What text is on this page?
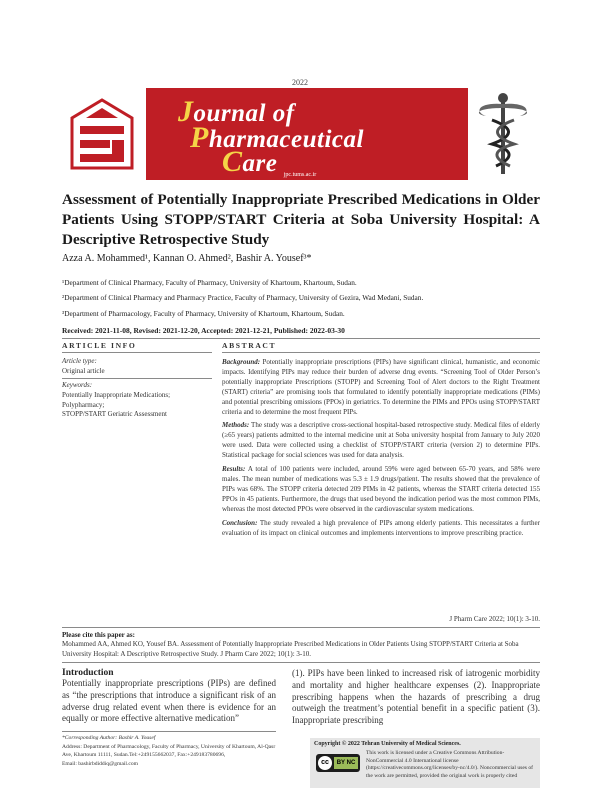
2022
Journal of
Pharmaceutical
Care	jpc.tums.ac.ir
Assessment of Potentially Inappropriate Prescribed Medications in Older Patients Using STOPP/START Criteria at Soba University Hospital: A Descriptive Retrospective Study
Azza A. Mohammed¹, Kannan O. Ahmed², Bashir A. Yousef³*
¹Department of Clinical Pharmacy, Faculty of Pharmacy, University of Khartoum, Khartoum, Sudan.
²Department of Clinical Pharmacy and Pharmacy Practice, Faculty of Pharmacy, University of Gezira, Wad Medani, Sudan.
³Department of Pharmacology, Faculty of Pharmacy, University of Khartoum, Khartoum, Sudan.
Received: 2021-11-08, Revised: 2021-12-20, Accepted: 2021-12-21, Published: 2022-03-30
ARTICLE INFO	ABSTRACT
Article type:
Original article
Keywords:
Potentially Inappropriate Medications;
Polypharmacy;
STOPP/START Geriatric Assessment

Background: Potentially inappropriate prescriptions (PIPs) have significant clinical, humanistic, and economic impacts. Identifying PIPs may reduce their burden of adverse drug events. “Screening Tool of Older Person’s potentially inappropriate Prescriptions (STOPP) and Screening Tool of Alert doctors to the Right Treatment (START) criteria” are promising tools that formulated to identify potentially inappropriate medications (PIMs) and potential prescribing omissions (PPOs) in geriatrics. To determine the PIMs and PPOs using STOPP/START criteria and to determine the most frequent PIPs.

Methods: The study was a descriptive cross-sectional hospital-based retrospective study. Medical files of elderly (≥65 years) patients admitted to the internal medicine unit at Soba university hospital from January to July 2020 were used. Data were collected using a checklist of STOPP/START criteria (version 2) to determine PIPs. Statistical package for social sciences was used for data analysis.

Results: A total of 100 patients were included, around 59% were aged between 65-70 years, and 58% were males. The mean number of medications was 5.3 ± 1.9 drugs/patient. The results showed that the prevalence of PIPs was 68%. The STOPP criteria detected 209 PIMs in 42 patients, whereas the START criteria detected 155 PPOs in 45 patients. Furthermore, the drugs that used beyond the indication period was the most common PIMs, whereas the most detected PPOs were observed in the cardiovascular system medications.

Conclusion: The study revealed a high prevalence of PIPs among elderly patients. This necessitates a further evaluation of its impact on clinical outcomes and implements interventions to improve prescribing practice.

J Pharm Care 2022; 10(1): 3-10.
Please cite this paper as:
Mohammed AA, Ahmed KO, Yousef BA. Assessment of Potentially Inappropriate Prescribed Medications in Older Patients Using STOPP/START Criteria at Soba University Hospital: A Descriptive Retrospective Study. J Pharm Care 2022; 10(1): 3-10.
Introduction
Potentially inappropriate prescriptions (PIPs) are defined as “the prescriptions that introduce a significant risk of an adverse drug related event when there is evidence for an equally or more effective alternative medication”
(1). PIPs have been linked to increased risk of iatrogenic morbidity and mortality and higher healthcare expenses (2). Inappropriate prescribing happens when the hazards of prescribing a drug outweigh the treatment’s potential benefit in a specific patient (3). Inappropriate prescribing
*Corresponding Author: Bashir A. Yousef
Address: Department of Pharmacology, Faculty of Pharmacy, University of Khartoum, Al-Qasr Ave, Khartoum 11111, Sudan.Tel:+249155662037, Fax:+249183780696,
Email: bashirbdiddiq@gmail.com
Copyright © 2022 Tehran University of Medical Sciences.
cc	BY NC
This work is licensed under a Creative Commons Attribution-NonCommercial 4.0 International license (https://creativecommons.org/licenses/by-nc/4.0/). Noncommercial uses of the work are permitted, provided the original work is properly cited
